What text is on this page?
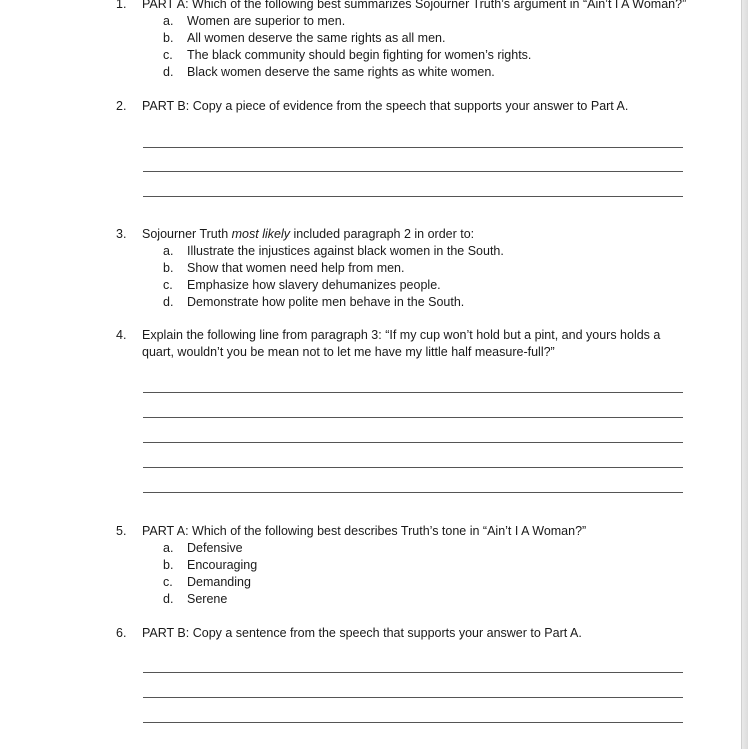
1.	PART A: Which of the following best summarizes Sojourner Truth’s argument in “Ain’t I A Woman?”
a.	Women are superior to men.
b.	All women deserve the same rights as all men.
c.	The black community should begin fighting for women’s rights.
d.	Black women deserve the same rights as white women.
2.	PART B: Copy a piece of evidence from the speech that supports your answer to Part A.
3.	Sojourner Truth most likely included paragraph 2 in order to:
a.	Illustrate the injustices against black women in the South.
b.	Show that women need help from men.
c.	Emphasize how slavery dehumanizes people.
d.	Demonstrate how polite men behave in the South.
4.	Explain the following line from paragraph 3: “If my cup won’t hold but a pint, and yours holds a
quart, wouldn’t you be mean not to let me have my little half measure-full?”
5.	PART A: Which of the following best describes Truth’s tone in “Ain’t I A Woman?”
a.	Defensive
b.	Encouraging
c.	Demanding
d.	Serene
6.	PART B: Copy a sentence from the speech that supports your answer to Part A.
